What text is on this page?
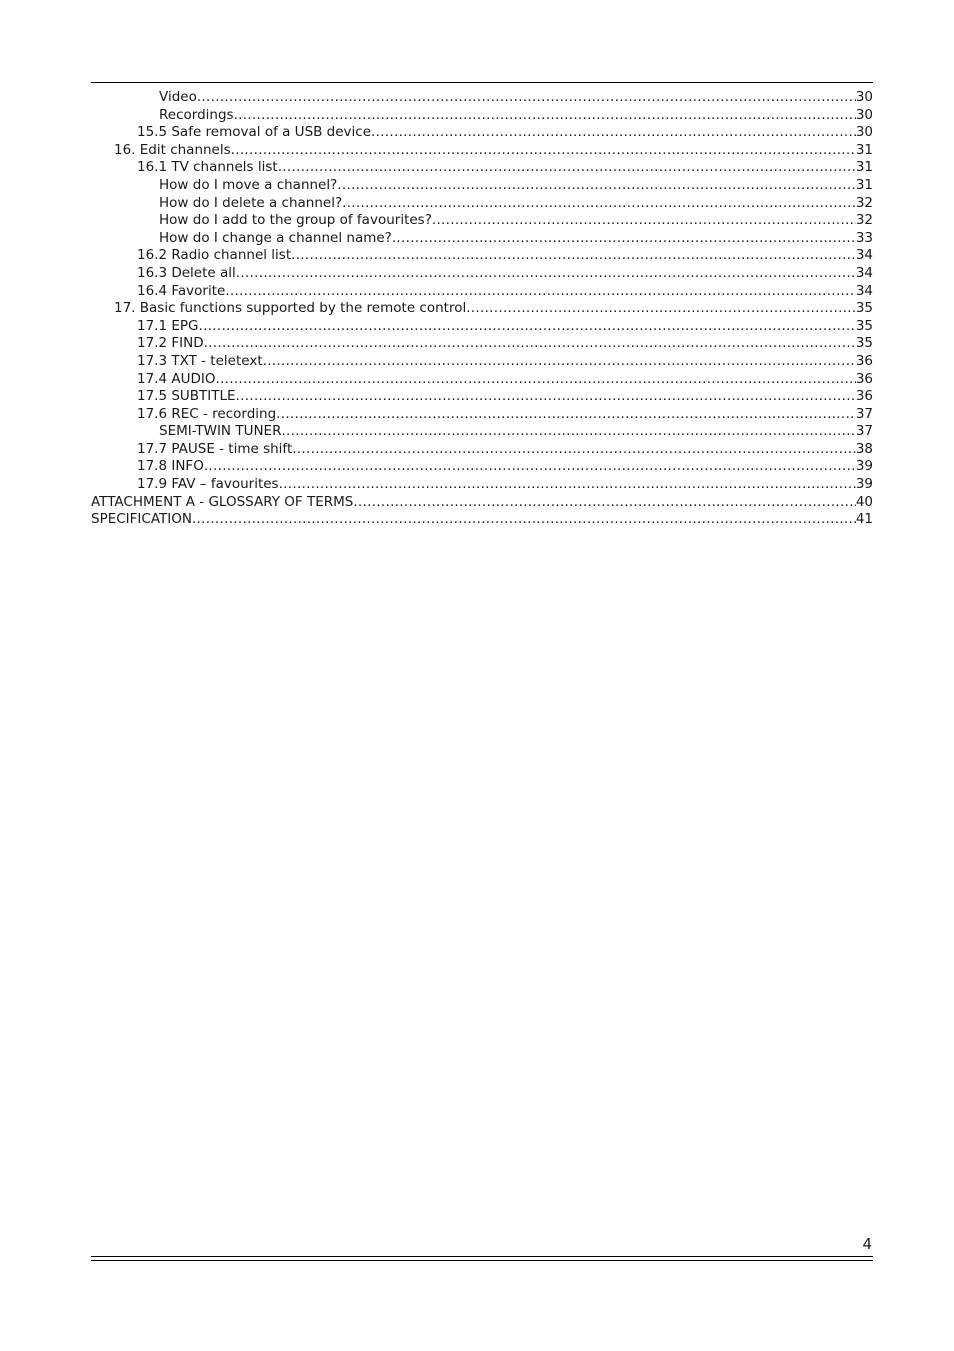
Video .....	30
Recordings .....	30
15.5 Safe removal of a USB device .....	30
16. Edit channels .....	31
16.1 TV channels list .....	31
How do I move a channel? .....	31
How do I delete a channel? .....	32
How do I add to the group of favourites? .....	32
How do I change a channel name? .....	33
16.2 Radio channel list .....	34
16.3 Delete all .....	34
16.4 Favorite .....	34
17. Basic functions supported by the remote control .....	35
17.1 EPG .....	35
17.2 FIND .....	35
17.3 TXT - teletext .....	36
17.4 AUDIO .....	36
17.5 SUBTITLE .....	36
17.6 REC - recording .....	37
SEMI-TWIN TUNER .....	37
17.7 PAUSE - time shift .....	38
17.8 INFO .....	39
17.9 FAV – favourites .....	39
ATTACHMENT A - GLOSSARY OF TERMS .....	40
SPECIFICATION .....	41
4
